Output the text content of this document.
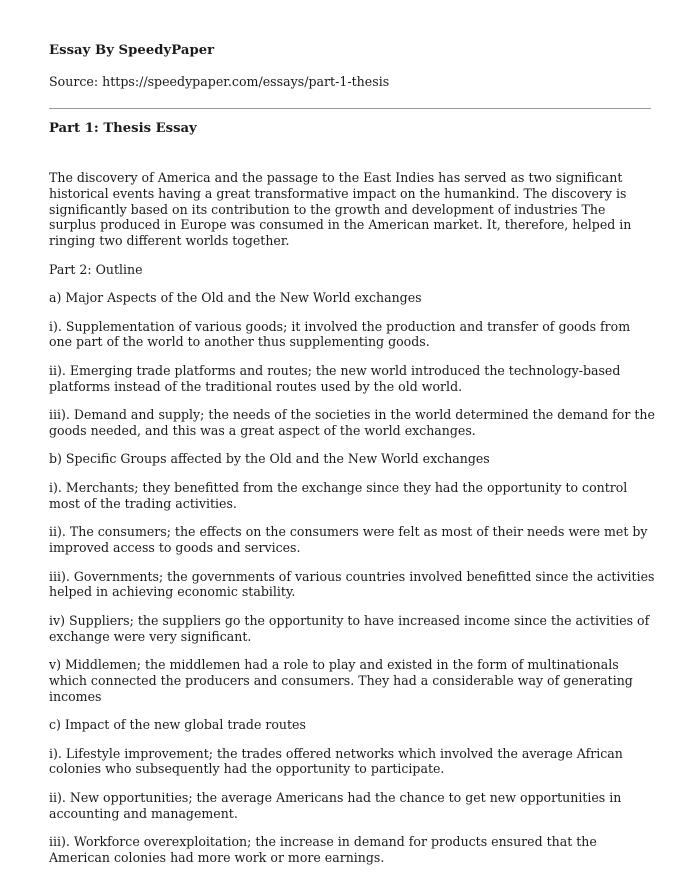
Essay By SpeedyPaper

Source: https://speedypaper.com/essays/part-1-thesis

Part 1: Thesis Essay

The discovery of America and the passage to the East Indies has served as two significant historical events having a great transformative impact on the humankind. The discovery is significantly based on its contribution to the growth and development of industries The surplus produced in Europe was consumed in the American market. It, therefore, helped in ringing two different worlds together.

Part 2: Outline

a) Major Aspects of the Old and the New World exchanges

i). Supplementation of various goods; it involved the production and transfer of goods from one part of the world to another thus supplementing goods.

ii). Emerging trade platforms and routes; the new world introduced the technology-based platforms instead of the traditional routes used by the old world.

iii). Demand and supply; the needs of the societies in the world determined the demand for the goods needed, and this was a great aspect of the world exchanges.

b) Specific Groups affected by the Old and the New World exchanges

i). Merchants; they benefitted from the exchange since they had the opportunity to control most of the trading activities.

ii). The consumers; the effects on the consumers were felt as most of their needs were met by improved access to goods and services.

iii). Governments; the governments of various countries involved benefitted since the activities helped in achieving economic stability.

iv) Suppliers; the suppliers go the opportunity to have increased income since the activities of exchange were very significant.

v) Middlemen; the middlemen had a role to play and existed in the form of multinationals which connected the producers and consumers. They had a considerable way of generating incomes

c) Impact of the new global trade routes

i). Lifestyle improvement; the trades offered networks which involved the average African colonies who subsequently had the opportunity to participate.

ii). New opportunities; the average Americans had the chance to get new opportunities in accounting and management.

iii). Workforce overexploitation; the increase in demand for products ensured that the American colonies had more work or more earnings.
